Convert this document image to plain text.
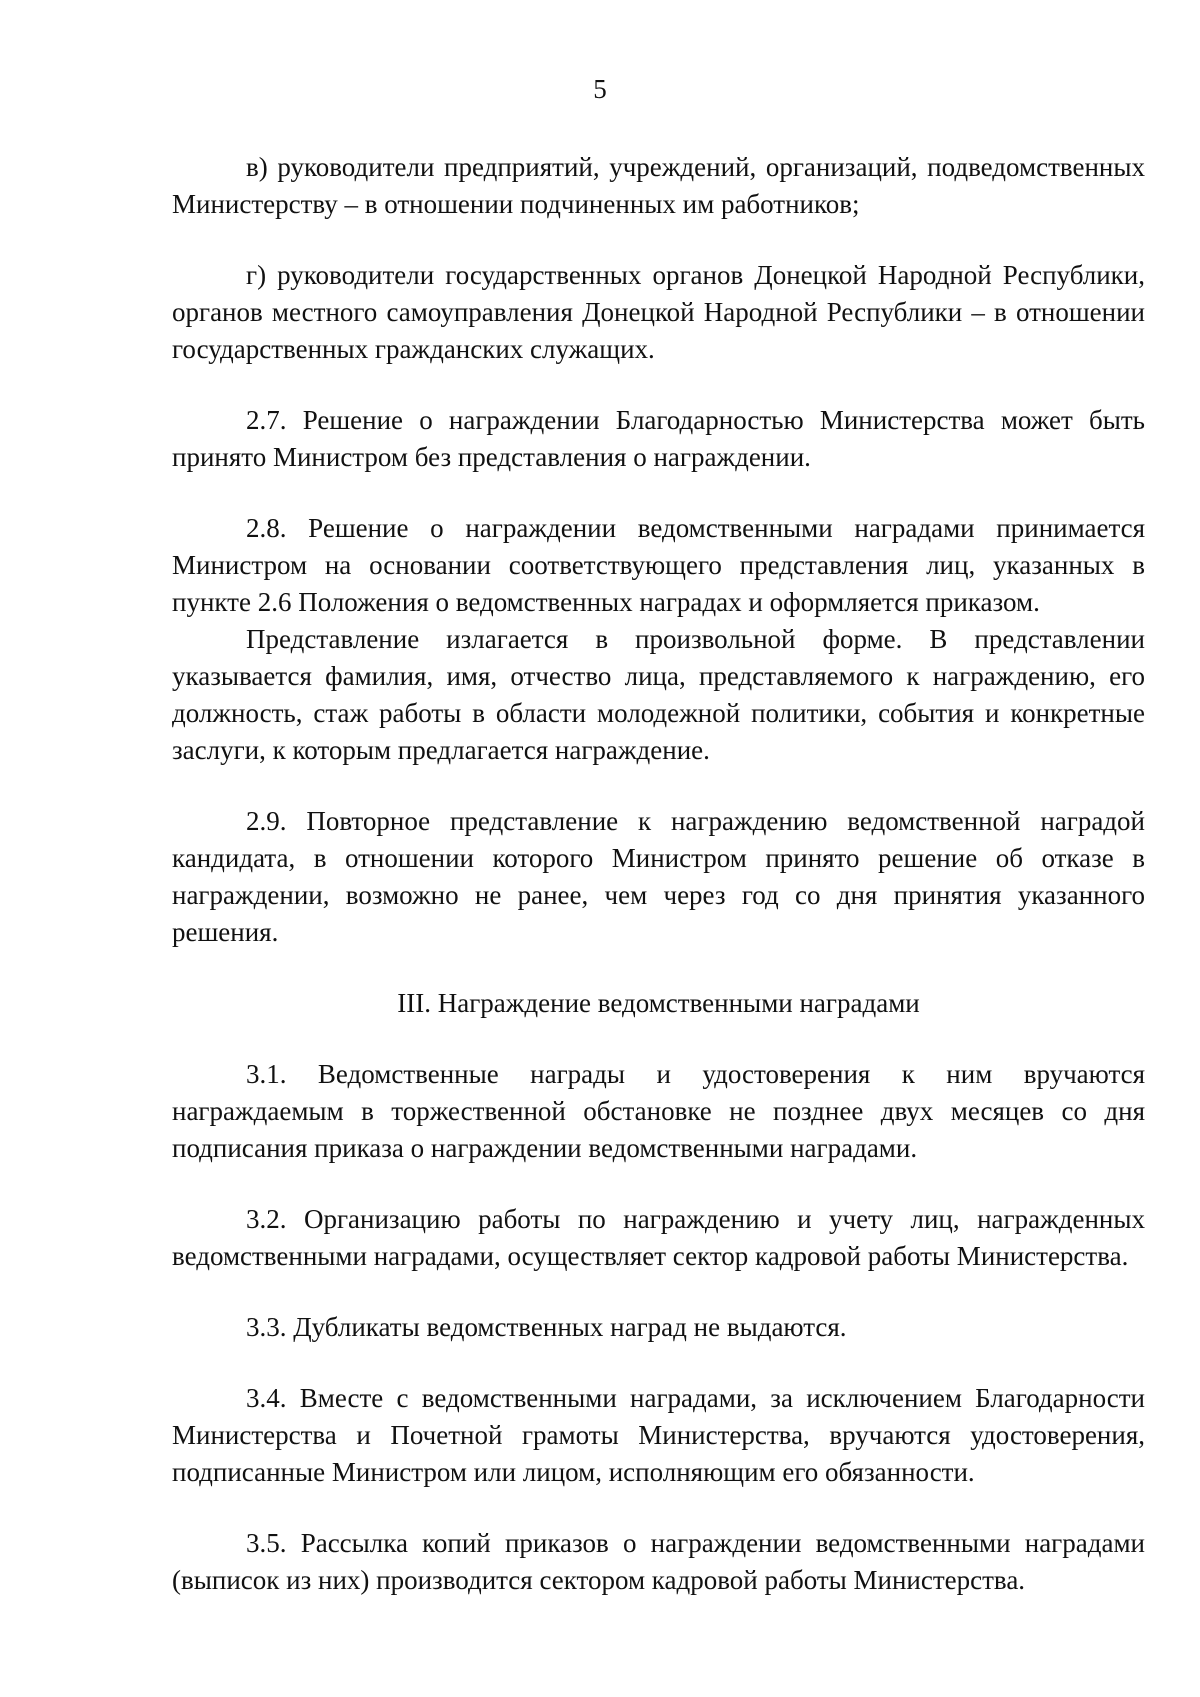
5

в) руководители предприятий, учреждений, организаций, подведомственных Министерству – в отношении подчиненных им работников;

г) руководители государственных органов Донецкой Народной Республики, органов местного самоуправления Донецкой Народной Республики – в отношении государственных гражданских служащих.

2.7. Решение о награждении Благодарностью Министерства может быть принято Министром без представления о награждении.

2.8. Решение о награждении ведомственными наградами принимается Министром на основании соответствующего представления лиц, указанных в пункте 2.6 Положения о ведомственных наградах и оформляется приказом.

Представление излагается в произвольной форме. В представлении указывается фамилия, имя, отчество лица, представляемого к награждению, его должность, стаж работы в области молодежной политики, события и конкретные заслуги, к которым предлагается награждение.

2.9. Повторное представление к награждению ведомственной наградой кандидата, в отношении которого Министром принято решение об отказе в награждении, возможно не ранее, чем через год со дня принятия указанного решения.

III. Награждение ведомственными наградами

3.1. Ведомственные награды и удостоверения к ним вручаются награждаемым в торжественной обстановке не позднее двух месяцев со дня подписания приказа о награждении ведомственными наградами.

3.2. Организацию работы по награждению и учету лиц, награжденных ведомственными наградами, осуществляет сектор кадровой работы Министерства.

3.3. Дубликаты ведомственных наград не выдаются.

3.4. Вместе с ведомственными наградами, за исключением Благодарности Министерства и Почетной грамоты Министерства, вручаются удостоверения, подписанные Министром или лицом, исполняющим его обязанности.

3.5. Рассылка копий приказов о награждении ведомственными наградами (выписок из них) производится сектором кадровой работы Министерства.
